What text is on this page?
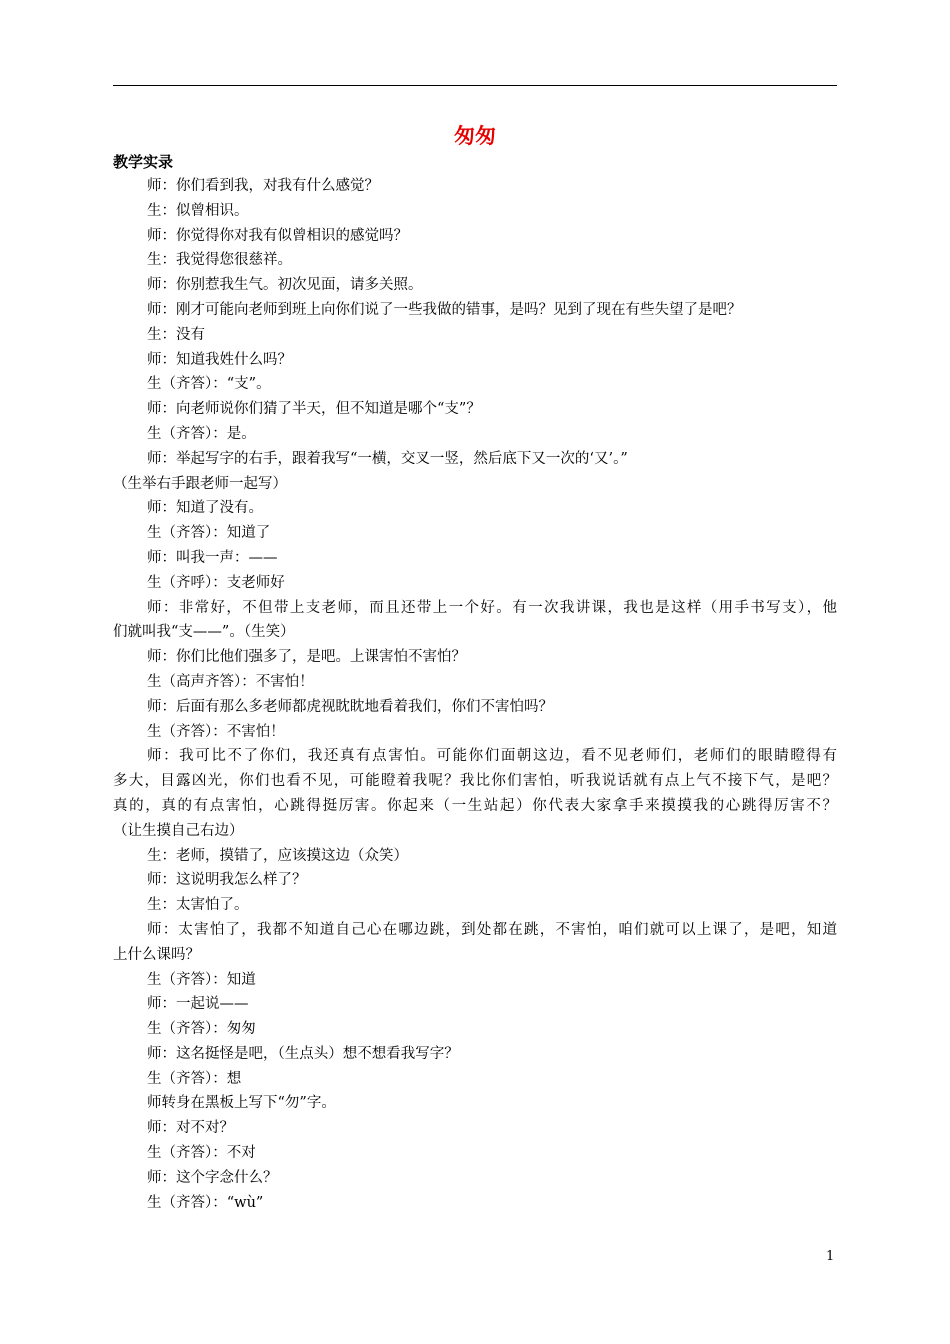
匆匆
教学实录
师：你们看到我，对我有什么感觉？
生：似曾相识。
师：你觉得你对我有似曾相识的感觉吗？
生：我觉得您很慈祥。
师：你别惹我生气。初次见面，请多关照。
师：刚才可能向老师到班上向你们说了一些我做的错事，是吗？见到了现在有些失望了是吧？
生：没有
师：知道我姓什么吗？
生（齐答）：“支”。
师：向老师说你们猜了半天，但不知道是哪个“支”？
生（齐答）：是。
师：举起写字的右手，跟着我写“一横，交叉一竖，然后底下又一次的‘又’。”
（生举右手跟老师一起写）
师：知道了没有。
生（齐答）：知道了
师：叫我一声：——
生（齐呼）：支老师好
师：非常好，不但带上支老师，而且还带上一个好。有一次我讲课，我也是这样（用手书写支），他
们就叫我“支——”。（生笑）
师：你们比他们强多了，是吧。上课害怕不害怕？
生（高声齐答）：不害怕！
师：后面有那么多老师都虎视眈眈地看着我们，你们不害怕吗？
生（齐答）：不害怕！
师：我可比不了你们，我还真有点害怕。可能你们面朝这边，看不见老师们，老师们的眼睛瞪得有
多大，目露凶光，你们也看不见，可能瞪着我呢？我比你们害怕，听我说话就有点上气不接下气，是吧？
真的，真的有点害怕，心跳得挺厉害。你起来（一生站起）你代表大家拿手来摸摸我的心跳得厉害不？
（让生摸自己右边）
生：老师，摸错了，应该摸这边（众笑）
师：这说明我怎么样了？
生：太害怕了。
师：太害怕了，我都不知道自己心在哪边跳，到处都在跳，不害怕，咱们就可以上课了，是吧，知道
上什么课吗？
生（齐答）：知道
师：一起说——
生（齐答）：匆匆
师：这名挺怪是吧，（生点头）想不想看我写字？
生（齐答）：想
师转身在黑板上写下“勿”字。
师：对不对？
生（齐答）：不对
师：这个字念什么？
生（齐答）：“wù”
1
